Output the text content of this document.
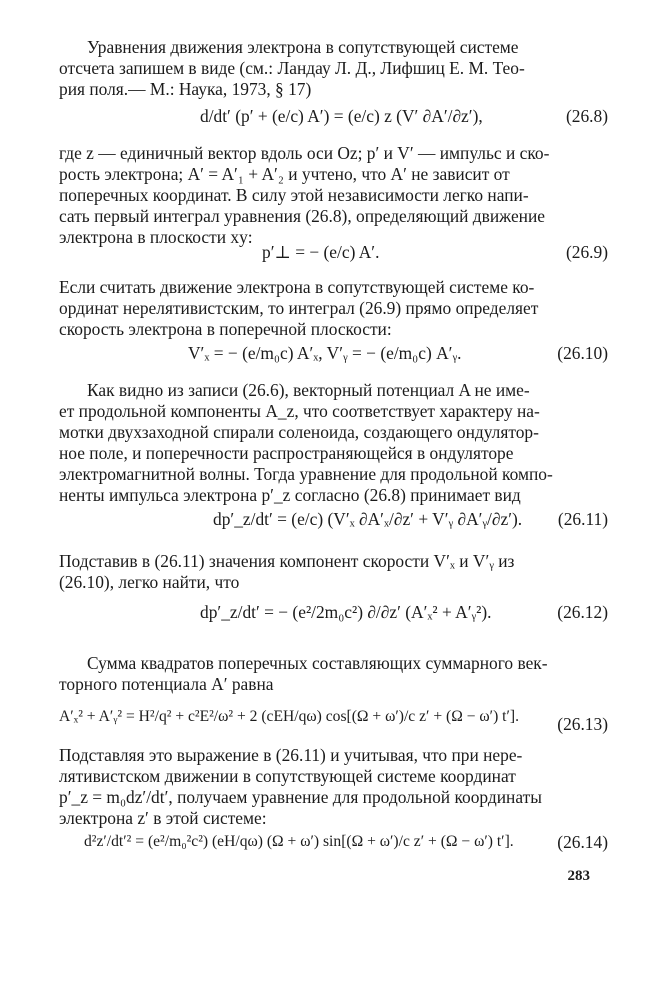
Уравнения движения электрона в сопутствующей системе
отсчета запишем в виде (см.: Ландау Л. Д., Лифшиц Е. М. Тео-
рия поля.— М.: Наука, 1973, § 17)
d/dt′ (p′ + (e/c) A′) = (e/c) z (V′ ∂A′/∂z′),	(26.8)
где z — единичный вектор вдоль оси Oz; p′ и V′ — импульс и ско-
рость электрона; A′ = A′₁ + A′₂ и учтено, что A′ не зависит от
поперечных координат. В силу этой независимости легко напи-
сать первый интеграл уравнения (26.8), определяющий движение
электрона в плоскости xy:
p′⊥ = − (e/c) A′.	(26.9)
Если считать движение электрона в сопутствующей системе ко-
ординат нерелятивистским, то интеграл (26.9) прямо определяет
скорость электрона в поперечной плоскости:
V′ₓ = − (e/m₀c) A′ₓ, V′ᵧ = − (e/m₀c) A′ᵧ.	(26.10)
Как видно из записи (26.6), векторный потенциал A не име-
ет продольной компоненты A_z, что соответствует характеру на-
мотки двухзаходной спирали соленоида, создающего ондулятор-
ное поле, и поперечности распространяющейся в ондуляторе
электромагнитной волны. Тогда уравнение для продольной компо-
ненты импульса электрона p′_z согласно (26.8) принимает вид
dp′_z/dt′ = (e/c) (V′ₓ ∂A′ₓ/∂z′ + V′ᵧ ∂A′ᵧ/∂z′). (26.11)
Подставив в (26.11) значения компонент скорости V′ₓ и V′ᵧ из
(26.10), легко найти, что
dp′_z/dt′ = − (e²/2m₀c²) ∂/∂z′ (A′ₓ² + A′ᵧ²).	(26.12)
Сумма квадратов поперечных составляющих суммарного век-
торного потенциала A′ равна
A′ₓ² + A′ᵧ² = H²/q² + c²E²/ω² + 2 (cEH/qω) cos[(Ω + ω′)/c z′ + (Ω − ω′) t′]. (26.13)
Подставляя это выражение в (26.11) и учитывая, что при нере-
лятивистском движении в сопутствующей системе координат
p′_z = m₀dz′/dt′, получаем уравнение для продольной координаты
электрона z′ в этой системе:
d²z′/dt′² = (e²/m₀²c²) (eH/qω) (Ω + ω′) sin[(Ω + ω′)/c z′ + (Ω − ω′) t′].	(26.14)
283
